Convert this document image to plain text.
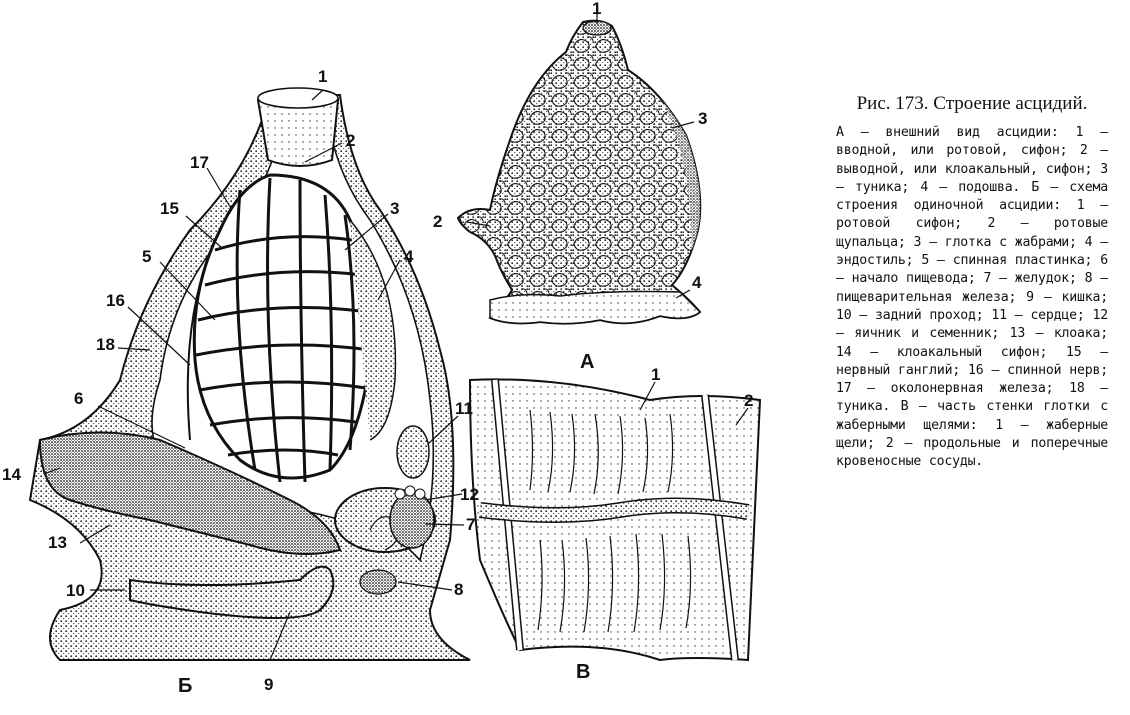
1
2
3
4
1
2
3
4
5
6
7
8
9
10
11
12
13
14
15
16
17
18
1
2
А
Б
В
Рис. 173. Строение асцидий.
А — внешний вид асцидии: 1 — вводной, или ротовой, сифон; 2 — выводной, или клоакальный, сифон; 3 — туника; 4 — подошва. Б — схема строения одиночной асцидии: 1 — ротовой сифон; 2 — ротовые щупальца; 3 — глотка с жабрами; 4 — эндостиль; 5 — спинная пластинка; 6 — начало пищевода; 7 — желудок; 8 — пищеварительная железа; 9 — кишка; 10 — задний проход; 11 — сердце; 12 — яичник и семенник; 13 — клоака; 14 — клоакальный сифон; 15 — нервный ганглий; 16 — спинной нерв; 17 — околонервная железа; 18 — туника. В — часть стенки глотки с жаберными щелями: 1 — жаберные щели; 2 — продольные и поперечные кровеносные сосуды.
